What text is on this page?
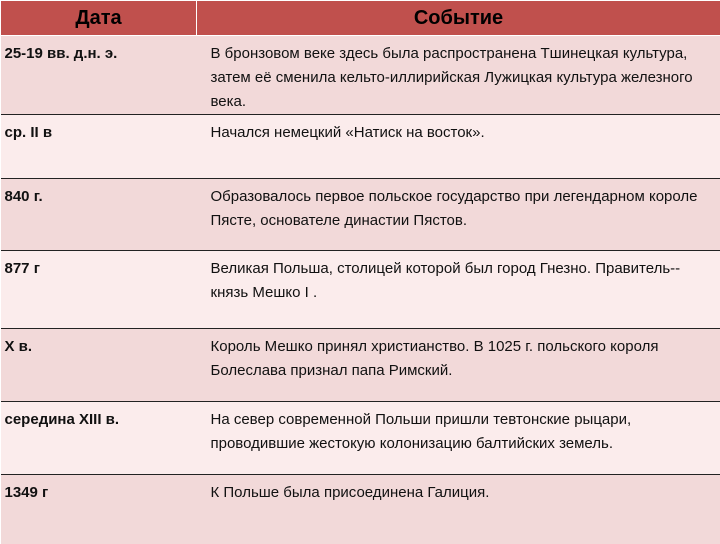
Дата	Событие
25-19 вв. д.н. э.	В бронзовом веке здесь была распространена Тшинецкая культура, затем её сменила кельто-иллирийская Лужицкая культура железного века.
ср. II в	Начался немецкий «Натиск на восток».
840 г.	Образовалось первое польское государство при легендарном короле Пясте, основателе династии Пястов.
877 г	Великая Польша, столицей которой был город Гнезно. Правитель-- князь Мешко I .
X в.	Король Мешко принял христианство. В 1025 г. польского короля Болеслава признал папа Римский.
середина XIII в.	На север современной Польши пришли тевтонские рыцари, проводившие жестокую колонизацию балтийских земель.
1349 г	К Польше была присоединена Галиция.
